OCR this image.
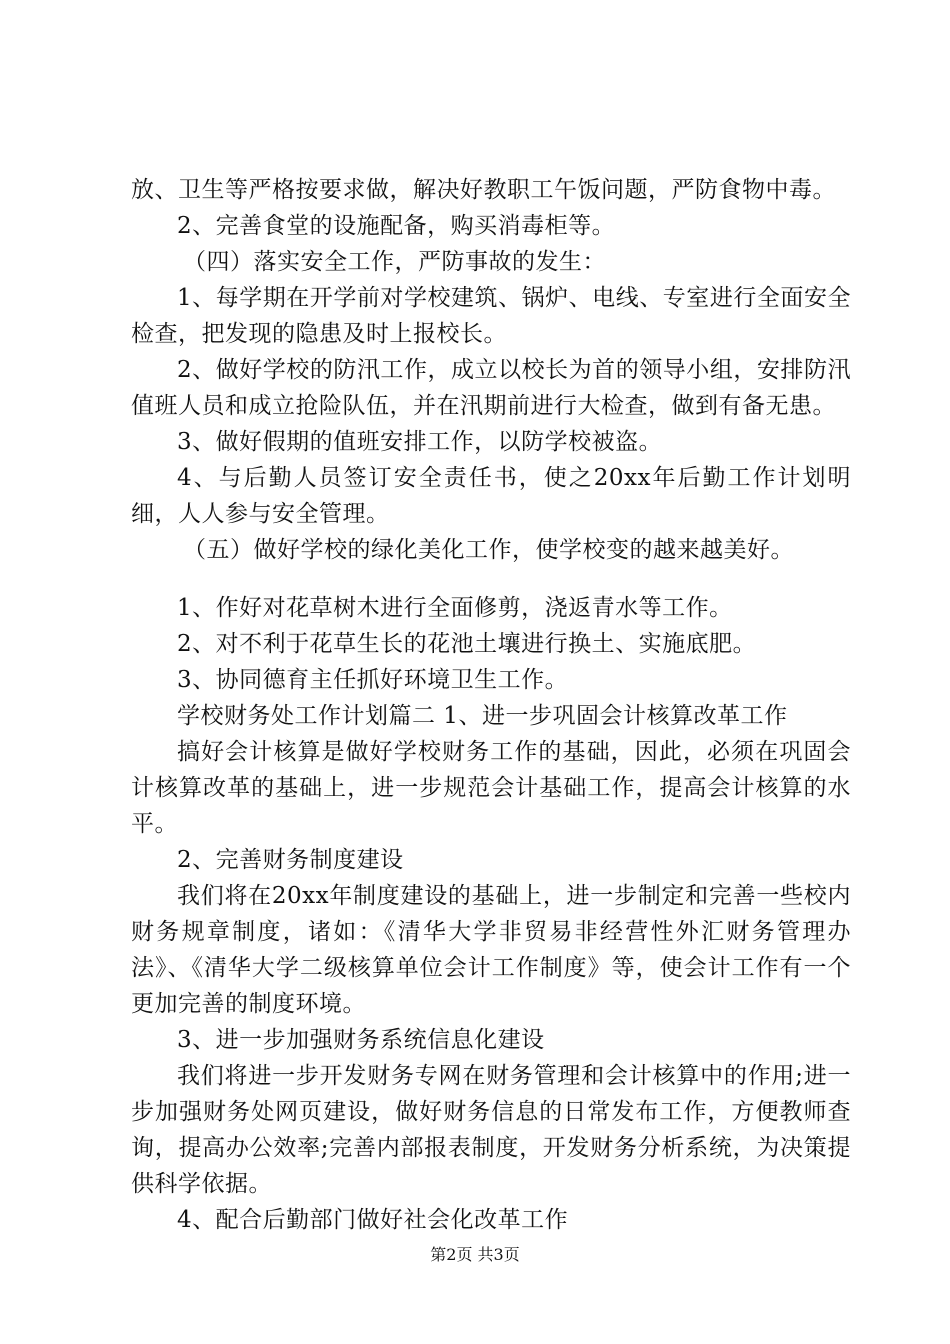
放、卫生等严格按要求做，解决好教职工午饭问题，严防食物中毒。

2、完善食堂的设施配备，购买消毒柜等。

（四）落实安全工作，严防事故的发生：

1、每学期在开学前对学校建筑、锅炉、电线、专室进行全面安全检查，把发现的隐患及时上报校长。

2、做好学校的防汛工作，成立以校长为首的领导小组，安排防汛值班人员和成立抢险队伍，并在汛期前进行大检查，做到有备无患。

3、做好假期的值班安排工作，以防学校被盗。

4、与后勤人员签订安全责任书，使之20xx年后勤工作计划明细，人人参与安全管理。

（五）做好学校的绿化美化工作，使学校变的越来越美好。

1、作好对花草树木进行全面修剪，浇返青水等工作。

2、对不利于花草生长的花池土壤进行换土、实施底肥。

3、协同德育主任抓好环境卫生工作。

学校财务处工作计划篇二 1、进一步巩固会计核算改革工作

搞好会计核算是做好学校财务工作的基础，因此，必须在巩固会计核算改革的基础上，进一步规范会计基础工作，提高会计核算的水平。

2、完善财务制度建设

我们将在20xx年制度建设的基础上，进一步制定和完善一些校内财务规章制度，诸如：《清华大学非贸易非经营性外汇财务管理办法》、《清华大学二级核算单位会计工作制度》等，使会计工作有一个更加完善的制度环境。

3、进一步加强财务系统信息化建设

我们将进一步开发财务专网在财务管理和会计核算中的作用;进一步加强财务处网页建设，做好财务信息的日常发布工作，方便教师查询，提高办公效率;完善内部报表制度，开发财务分析系统，为决策提供科学依据。

4、配合后勤部门做好社会化改革工作

第2页 共3页
